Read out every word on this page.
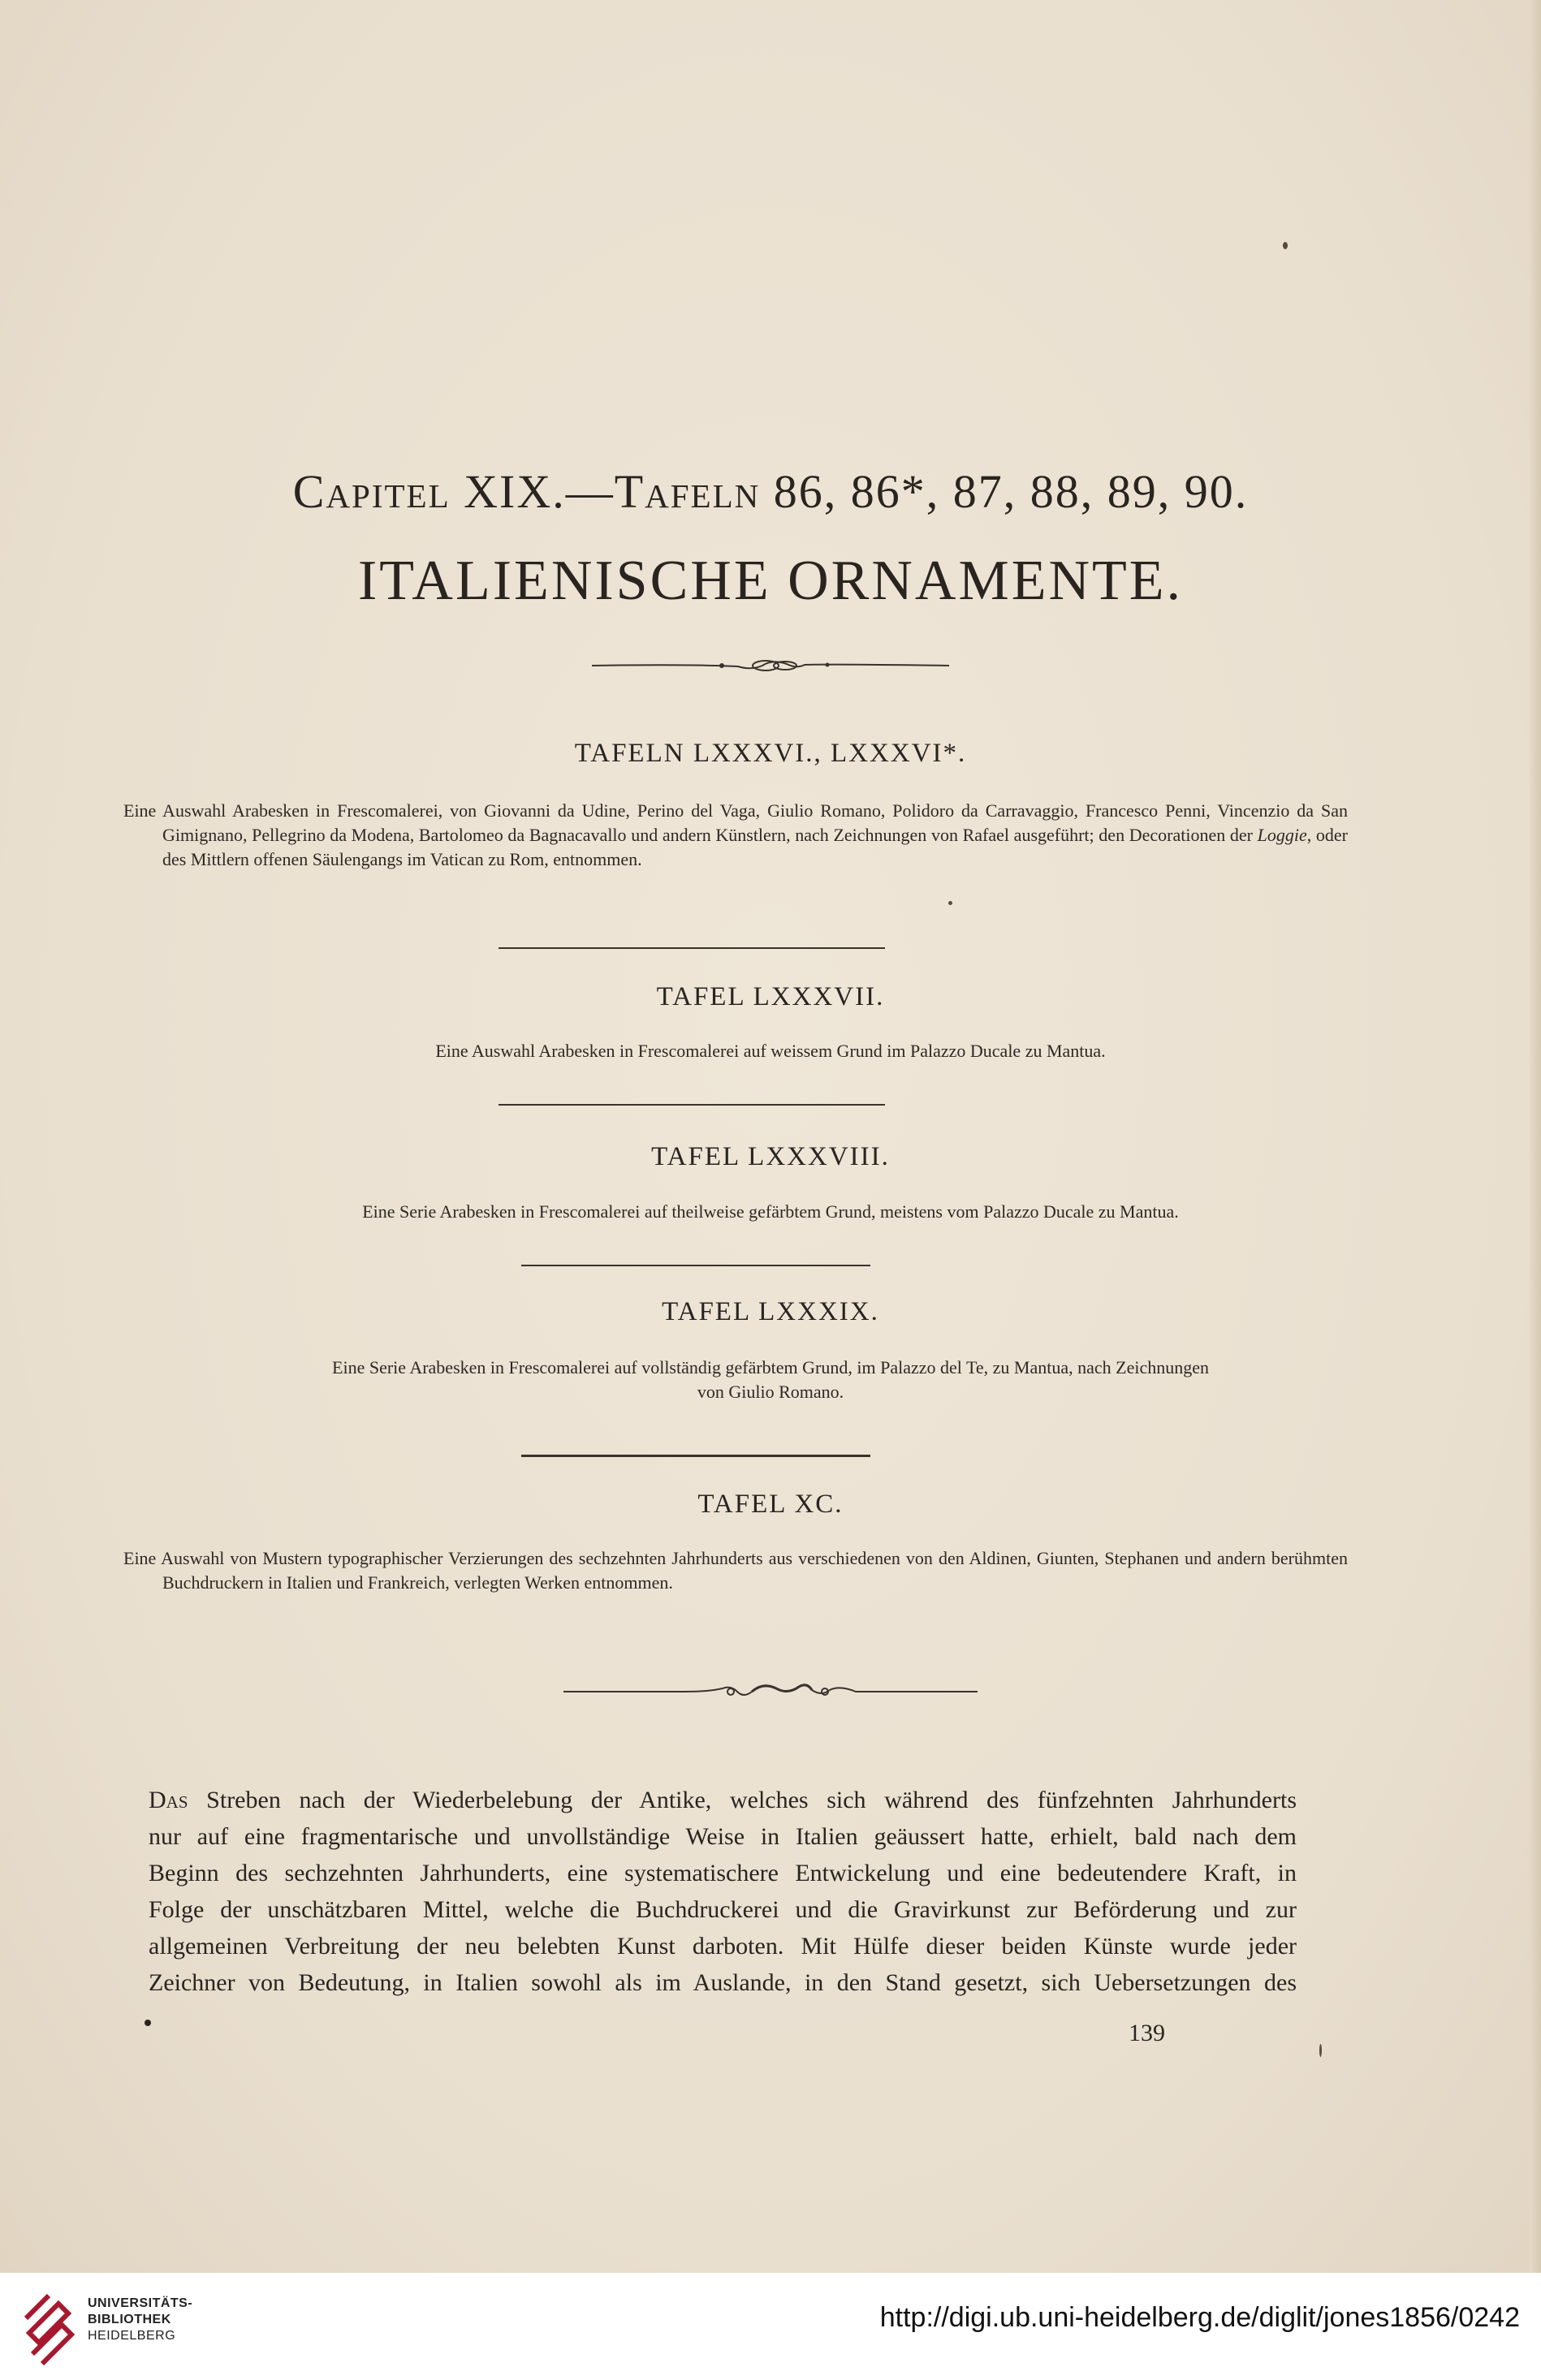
Capitel XIX.—Tafeln 86, 86*, 87, 88, 89, 90.
ITALIENISCHE ORNAMENTE.
TAFELN LXXXVI., LXXXVI*.
Eine Auswahl Arabesken in Frescomalerei, von Giovanni da Udine, Perino del Vaga, Giulio Romano, Polidoro da Carravaggio, Francesco Penni, Vincenzio da San Gimignano, Pellegrino da Modena, Bartolomeo da Bagnacavallo und andern Künstlern, nach Zeichnungen von Rafael ausgeführt; den Decorationen der Loggie, oder des Mittlern offenen Säulengangs im Vatican zu Rom, entnommen.
TAFEL LXXXVII.
Eine Auswahl Arabesken in Frescomalerei auf weissem Grund im Palazzo Ducale zu Mantua.
TAFEL LXXXVIII.
Eine Serie Arabesken in Frescomalerei auf theilweise gefärbtem Grund, meistens vom Palazzo Ducale zu Mantua.
TAFEL LXXXIX.
Eine Serie Arabesken in Frescomalerei auf vollständig gefärbtem Grund, im Palazzo del Te, zu Mantua, nach Zeichnungen
von Giulio Romano.
TAFEL XC.
Eine Auswahl von Mustern typographischer Verzierungen des sechzehnten Jahrhunderts aus verschiedenen von den Aldinen, Giunten, Stephanen und andern berühmten Buchdruckern in Italien und Frankreich, verlegten Werken entnommen.
Das Streben nach der Wiederbelebung der Antike, welches sich während des fünfzehnten Jahrhunderts
nur auf eine fragmentarische und unvollständige Weise in Italien geäussert hatte, erhielt, bald nach dem
Beginn des sechzehnten Jahrhunderts, eine systematischere Entwickelung und eine bedeutendere Kraft, in
Folge der unschätzbaren Mittel, welche die Buchdruckerei und die Gravirkunst zur Beförderung und zur
allgemeinen Verbreitung der neu belebten Kunst darboten. Mit Hülfe dieser beiden Künste wurde jeder
Zeichner von Bedeutung, in Italien sowohl als im Auslande, in den Stand gesetzt, sich Uebersetzungen des
139
UNIVERSITÄTS-
BIBLIOTHEK
HEIDELBERG
http://digi.ub.uni-heidelberg.de/diglit/jones1856/0242
